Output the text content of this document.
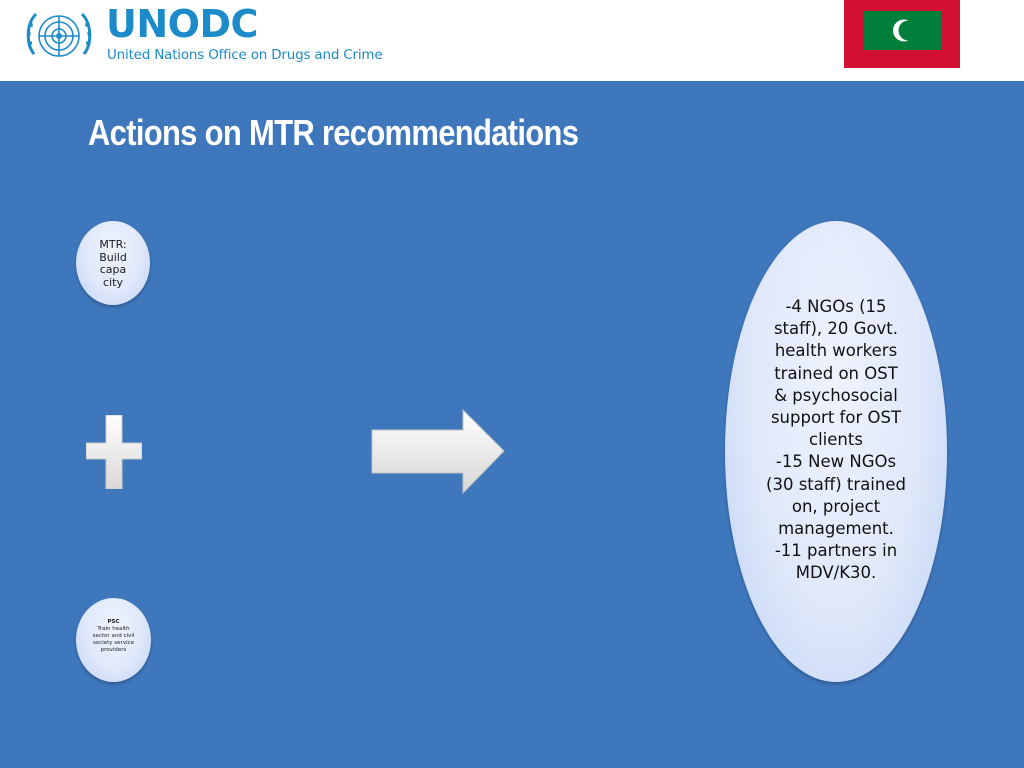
UNODC
United Nations Office on Drugs and Crime
Actions on MTR recommendations
MTR: Build capa city
PSC
Train health sector and civil society service providers
-4 NGOs (15 staff), 20 Govt. health workers trained on OST & psychosocial support for OST clients
-15 New NGOs (30 staff) trained on, project management.
-11 partners in MDV/K30.
